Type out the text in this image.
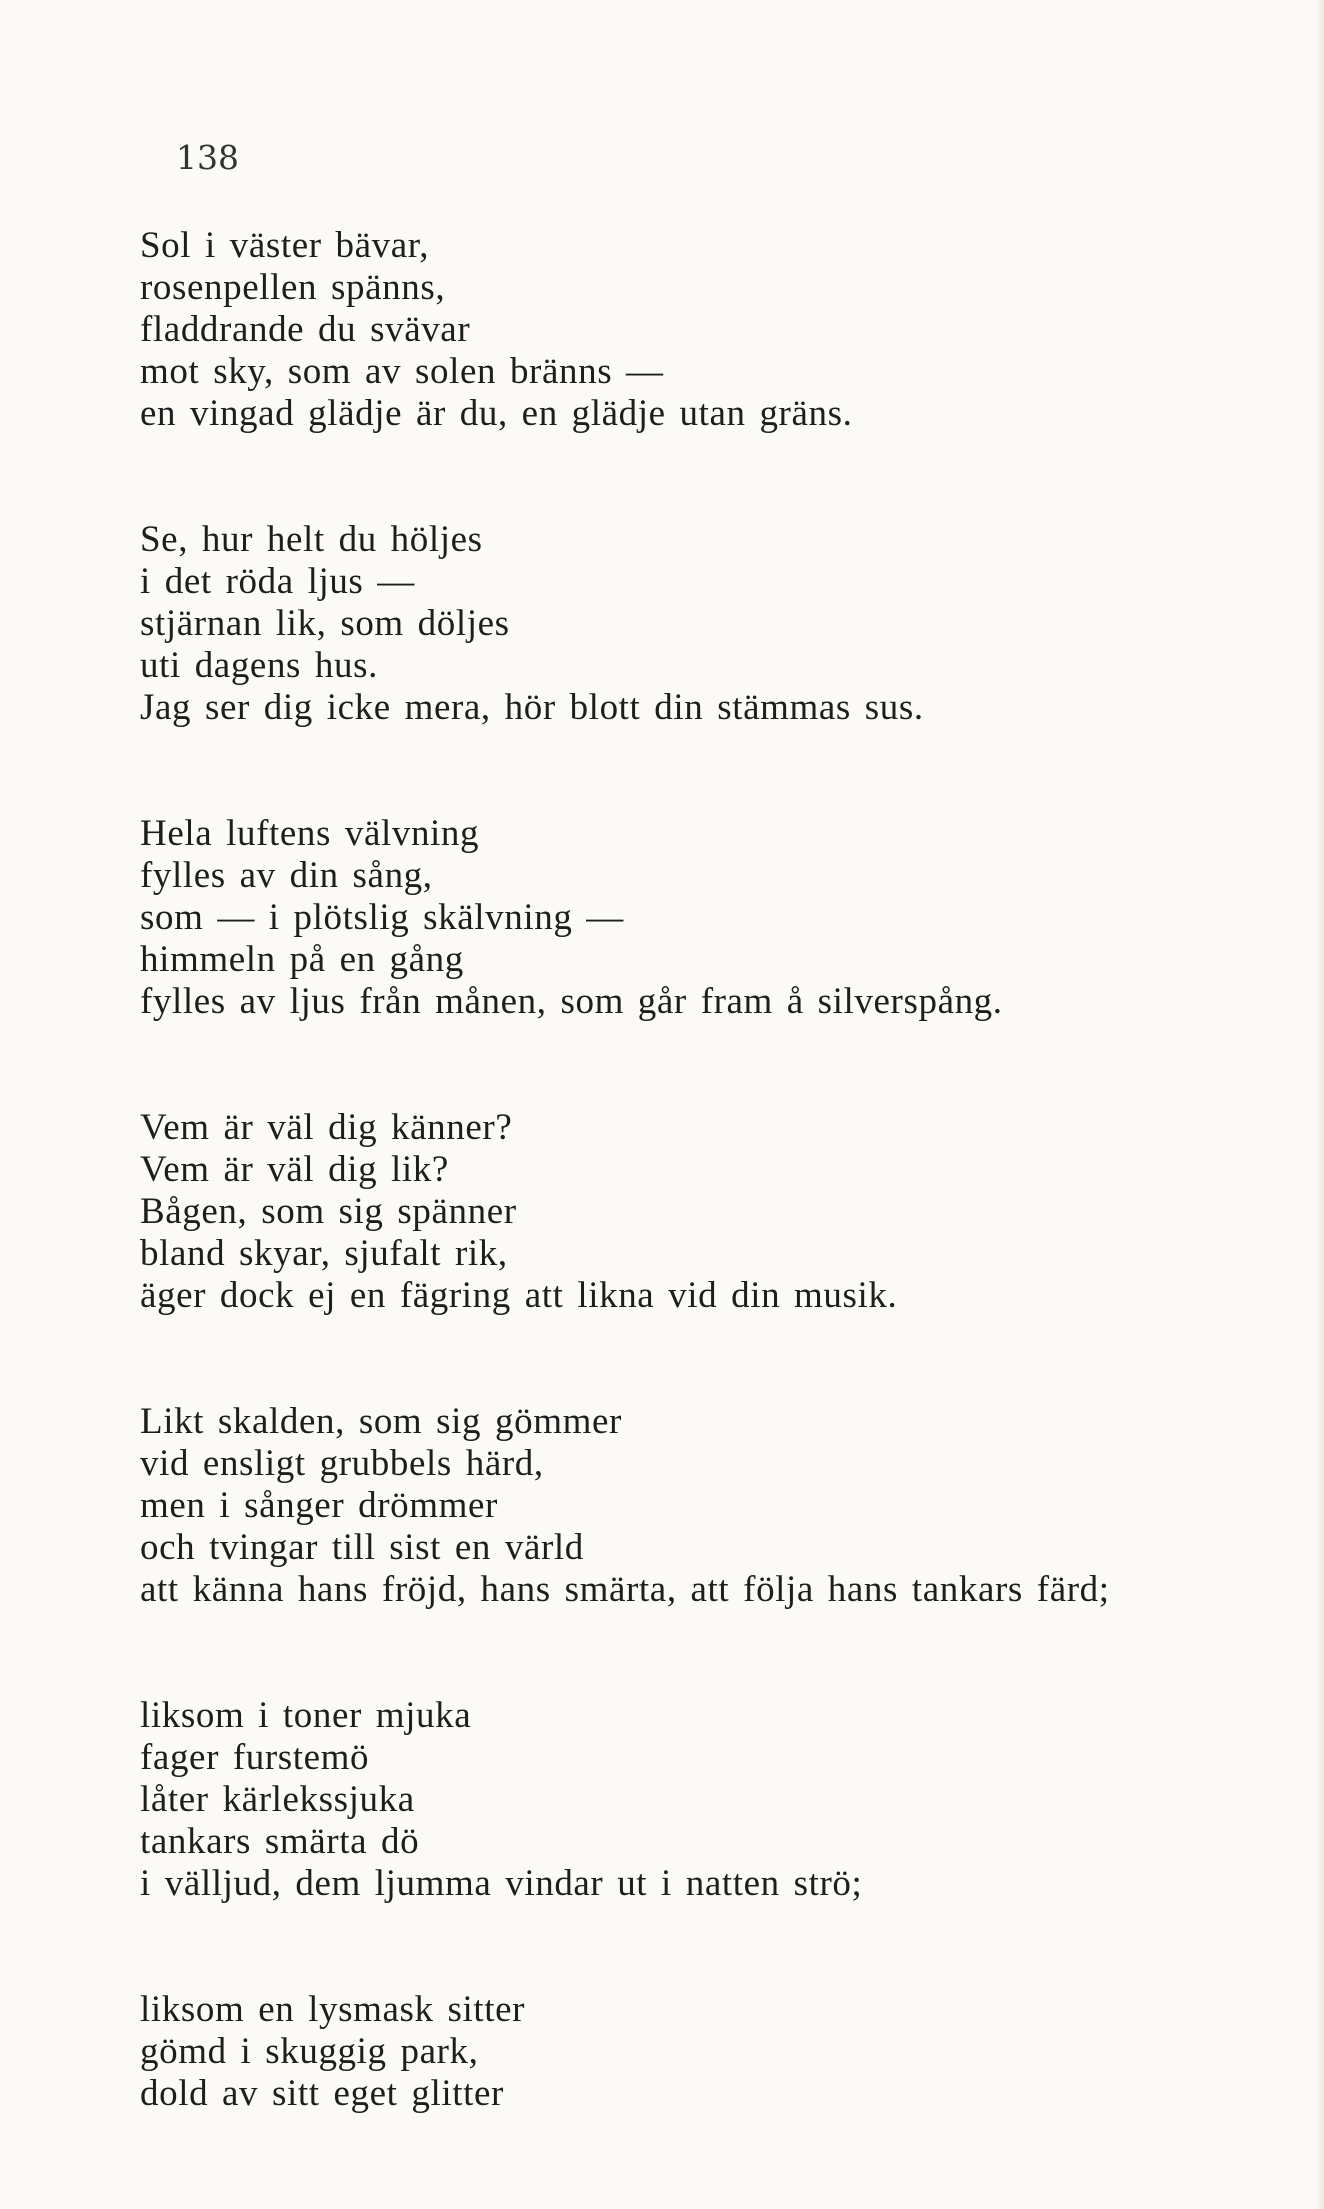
138
Sol i väster bävar,
rosenpellen spänns,
fladdrande du svävar
mot sky, som av solen bränns —
en vingad glädje är du, en glädje utan gräns.
Se, hur helt du höljes
i det röda ljus —
stjärnan lik, som döljes
uti dagens hus.
Jag ser dig icke mera, hör blott din stämmas sus.
Hela luftens välvning
fylles av din sång,
som — i plötslig skälvning —
himmeln på en gång
fylles av ljus från månen, som går fram å silverspång.
Vem är väl dig känner?
Vem är väl dig lik?
Bågen, som sig spänner
bland skyar, sjufalt rik,
äger dock ej en fägring att likna vid din musik.
Likt skalden, som sig gömmer
vid ensligt grubbels härd,
men i sånger drömmer
och tvingar till sist en värld
att känna hans fröjd, hans smärta, att följa hans tankars färd;
liksom i toner mjuka
fager furstemö
låter kärlekssjuka
tankars smärta dö
i välljud, dem ljumma vindar ut i natten strö;
liksom en lysmask sitter
gömd i skuggig park,
dold av sitt eget glitter
